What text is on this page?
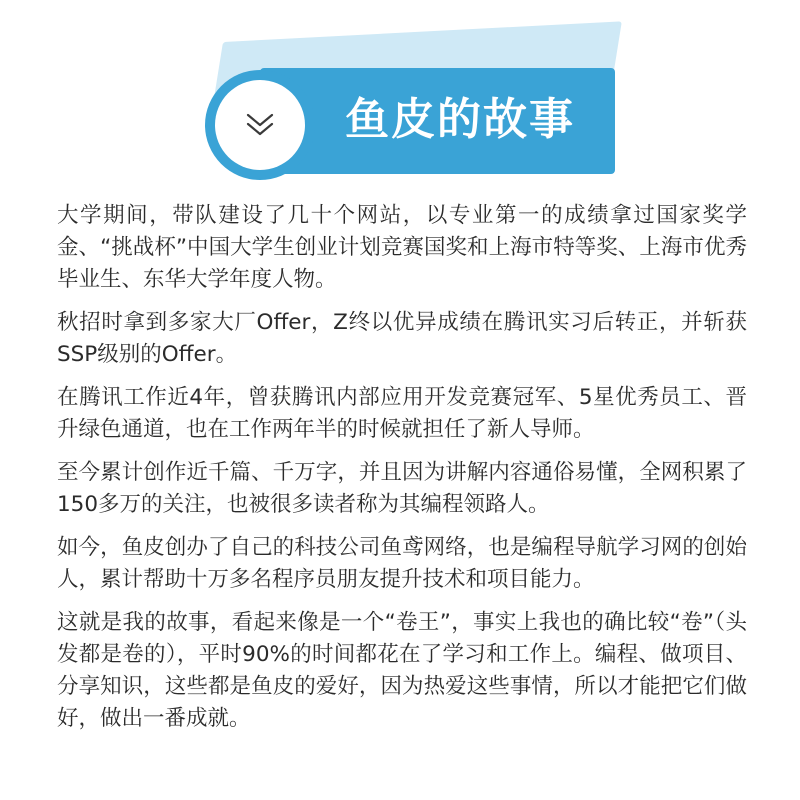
鱼皮的故事

大学期间，带队建设了几十个网站，以专业第一的成绩拿过国家奖学金、“挑战杯”中国大学生创业计划竞赛国奖和上海市特等奖、上海市优秀毕业生、东华大学年度人物。

秋招时拿到多家大厂Offer，Z终以优异成绩在腾讯实习后转正，并斩获SSP级别的Offer。

在腾讯工作近4年，曾获腾讯内部应用开发竞赛冠军、5星优秀员工、晋升绿色通道，也在工作两年半的时候就担任了新人导师。

至今累计创作近千篇、千万字，并且因为讲解内容通俗易懂，全网积累了150多万的关注，也被很多读者称为其编程领路人。

如今，鱼皮创办了自己的科技公司鱼鸢网络，也是编程导航学习网的创始人，累计帮助十万多名程序员朋友提升技术和项目能力。

这就是我的故事，看起来像是一个“卷王”，事实上我也的确比较“卷”（头发都是卷的），平时90%的时间都花在了学习和工作上。编程、做项目、分享知识，这些都是鱼皮的爱好，因为热爱这些事情，所以才能把它们做好，做出一番成就。
